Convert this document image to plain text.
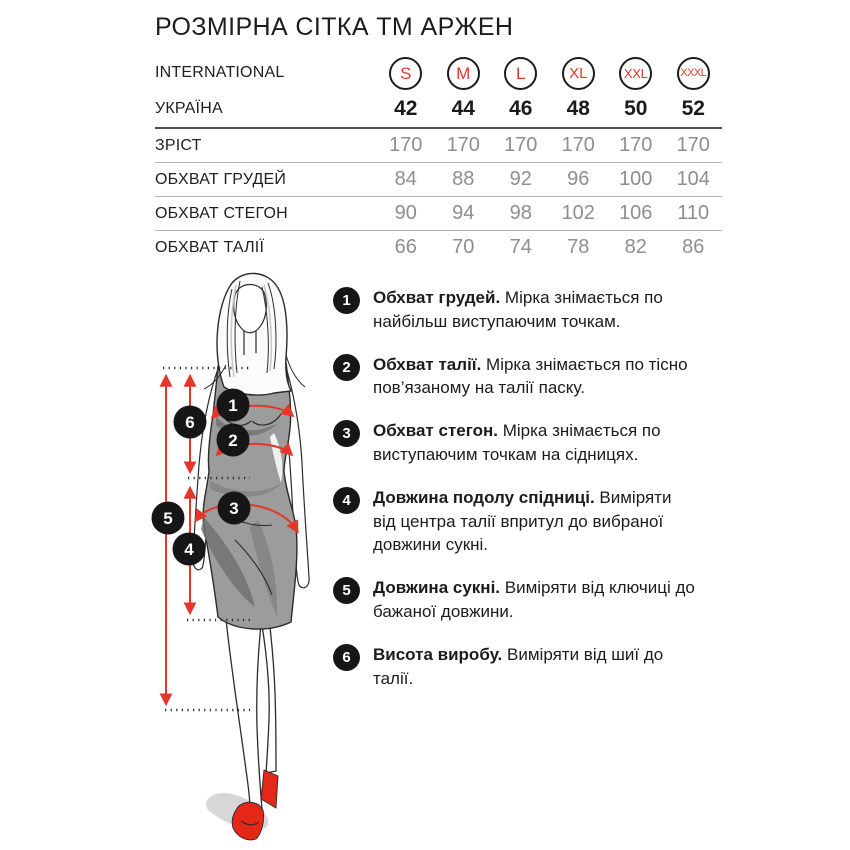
РОЗМІРНА СІТКА ТМ АРЖЕН
INTERNATIONAL	S	M	L	XL	XXL	XXXL
УКРАЇНА	42	44	46	48	50	52
ЗРІСТ	170	170	170	170	170	170
ОБХВАТ ГРУДЕЙ	84	88	92	96	100	104
ОБХВАТ СТЕГОН	90	94	98	102	106	110
ОБХВАТ ТАЛІЇ	66	70	74	78	82	86
1
2
3
4
5
6
1	Обхват грудей. Мірка знімається по найбільш виступаючим точкам.
2	Обхват талії. Мірка знімається по тісно пов’язаному на талії паску.
3	Обхват стегон. Мірка знімається по виступаючим точкам на сідницях.
4	Довжина подолу спідниці. Виміряти від центра талії впритул до вибраної довжини сукні.
5	Довжина сукні. Виміряти від ключиці до бажаної довжини.
6	Висота виробу. Виміряти від шиї до талії.
